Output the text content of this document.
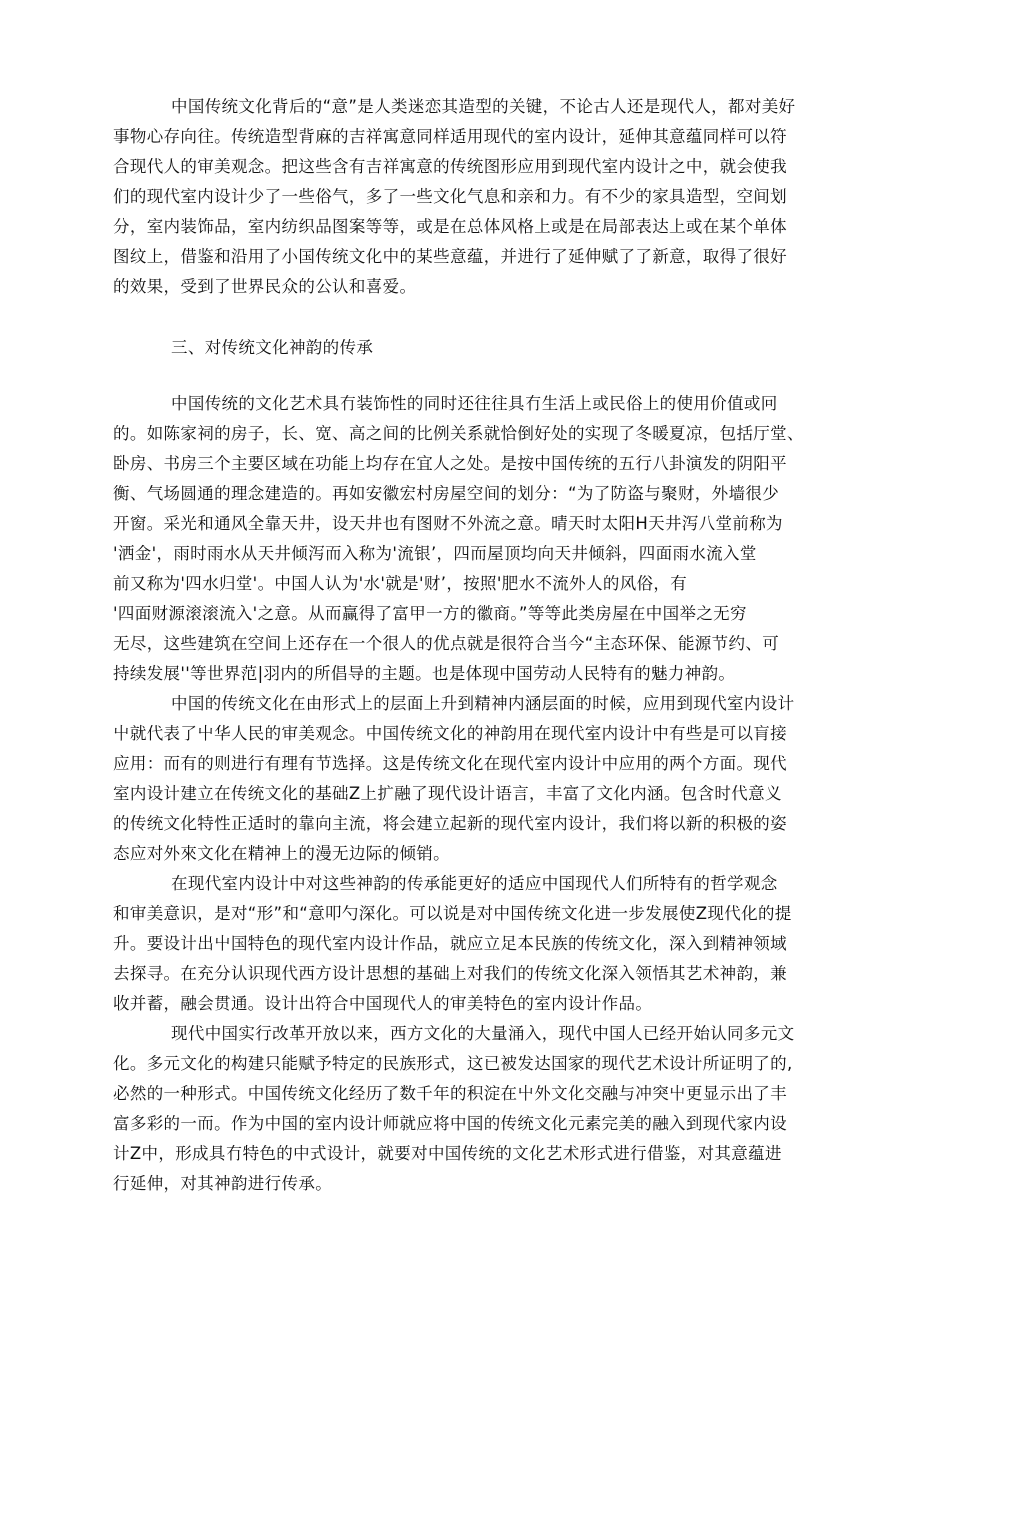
中国传统文化背后的“意”是人类迷恋其造型的关键，不论古人还是现代人，都对美好
事物心存向往。传统造型背麻的吉祥寓意同样适用现代的室内设计，延伸其意蕴同样可以符
合现代人的审美观念。把这些含有吉祥寓意的传统图形应用到现代室内设计之中，就会使我
们的现代室内设计少了一些俗气，多了一些文化气息和亲和力。有不少的家具造型，空间划
分，室内装饰品，室内纺织品图案等等，或是在总体风格上或是在局部表达上或在某个单体
图纹上，借鉴和沿用了小国传统文化中的某些意蕴，并进行了延伸赋了了新意，取得了很好
的效果，受到了世界民众的公认和喜爱。
三、对传统文化神韵的传承
中国传统的文化艺术具冇装饰性的同时还往往具冇生活上或民俗上的使用价值或冋
的。如陈家祠的房子，长、宽、高之间的比例关系就恰倒好处的实现了冬暖夏凉，包括厅堂、
卧房、书房三个主要区域在功能上均存在宜人之处。是按中国传统的五行八卦演发的阴阳平
衡、气场圆通的理念建造的。再如安徽宏村房屋空间的划分：“为了防盗与聚财，外墙很少
开窗。采光和通风全靠天井，设天井也有图财不外流之意。晴天时太阳H天井泻八堂前称为
'洒金'，雨时雨水从天井倾泻而入称为'流银’，四而屋顶均向天井倾斜，四面雨水流入堂
前又称为'四水归堂'。中国人认为'水'就是'财’，按照'肥水不流外人的风俗，有
'四面财源滚滚流入'之意。从而赢得了富甲一方的徽商。”等等此类房屋在中国举之无穷
无尽，这些建筑在空间上还存在一个很人的优点就是很符合当今“主态环保、能源节约、可
持续发展''等世界范|羽内的所倡导的主题。也是体现中国劳动人民特有的魅力神韵。
中国的传统文化在由形式上的层面上升到精神内涵层面的时候，应用到现代室内设计
屮就代表了屮华人民的审美观念。中国传统文化的神韵用在现代室内设计中有些是可以肓接
应用：而有的则进行有理有节选择。这是传统文化在现代室内设计中应用的两个方面。现代
室内设计建立在传统文化的基础Z上扩融了现代设计语言，丰富了文化内涵。包含时代意义
的传统文化特性正适时的靠向主流，将会建立起新的现代室内设计，我们将以新的积极的姿
态应对外來文化在精神上的漫无边际的倾销。
在现代室内设计中对这些神韵的传承能更好的适应中国现代人们所特有的哲学观念
和审美意识，是对“形”和“意叩勺深化。可以说是对中国传统文化进一步发展使Z现代化的提
升。要设计出屮国特色的现代室内设计作品，就应立足本民族的传统文化，深入到精神领域
去探寻。在充分认识现代西方设计思想的基础上对我们的传统文化深入领悟其艺术神韵，兼
收并蓄，融会贯通。设计出符合中国现代人的审美特色的室内设计作品。
现代中国实行改革开放以来，西方文化的大量涌入，现代中国人已经开始认同多元文
化。多元文化的构建只能赋予特定的民族形式，这已被发达国家的现代艺术设计所证明了的,
必然的一种形式。中国传统文化经历了数千年的积淀在屮外文化交融与冲突屮更显示出了丰
富多彩的一而。作为中国的室内设计师就应将中国的传统文化元素完美的融入到现代家内设
计Z中，形成具冇特色的中式设计，就要对中国传统的文化艺术形式进行借鉴，对其意蕴进
行延伸，对其神韵进行传承。
